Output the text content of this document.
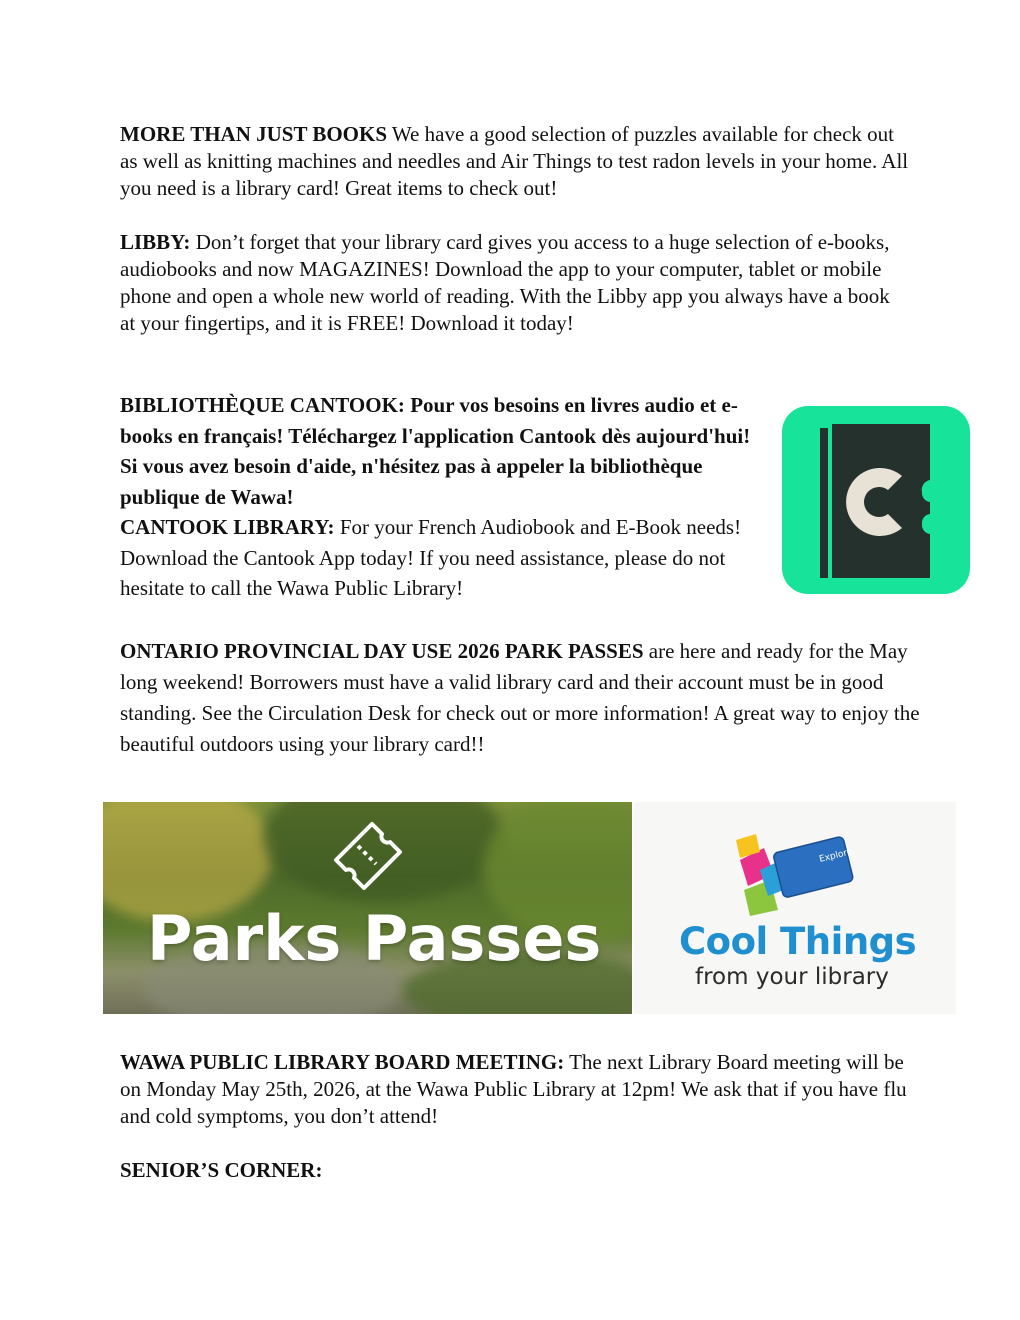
MORE THAN JUST BOOKS We have a good selection of puzzles available for check out as well as knitting machines and needles and Air Things to test radon levels in your home. All you need is a library card! Great items to check out!

LIBBY: Don’t forget that your library card gives you access to a huge selection of e-books, audiobooks and now MAGAZINES! Download the app to your computer, tablet or mobile phone and open a whole new world of reading. With the Libby app you always have a book at your fingertips, and it is FREE! Download it today!

BIBLIOTHÈQUE CANTOOK: Pour vos besoins en livres audio et e-books en français! Téléchargez l'application Cantook dès aujourd'hui! Si vous avez besoin d'aide, n'hésitez pas à appeler la bibliothèque publique de Wawa!
CANTOOK LIBRARY: For your French Audiobook and E-Book needs! Download the Cantook App today! If you need assistance, please do not hesitate to call the Wawa Public Library!

ONTARIO PROVINCIAL DAY USE 2026 PARK PASSES are here and ready for the May long weekend! Borrowers must have a valid library card and their account must be in good standing. See the Circulation Desk for check out or more information! A great way to enjoy the beautiful outdoors using your library card!!

Parks Passes
Explore
Cool Things
from your library

WAWA PUBLIC LIBRARY BOARD MEETING: The next Library Board meeting will be on Monday May 25th, 2026, at the Wawa Public Library at 12pm! We ask that if you have flu and cold symptoms, you don’t attend!

SENIOR’S CORNER:
